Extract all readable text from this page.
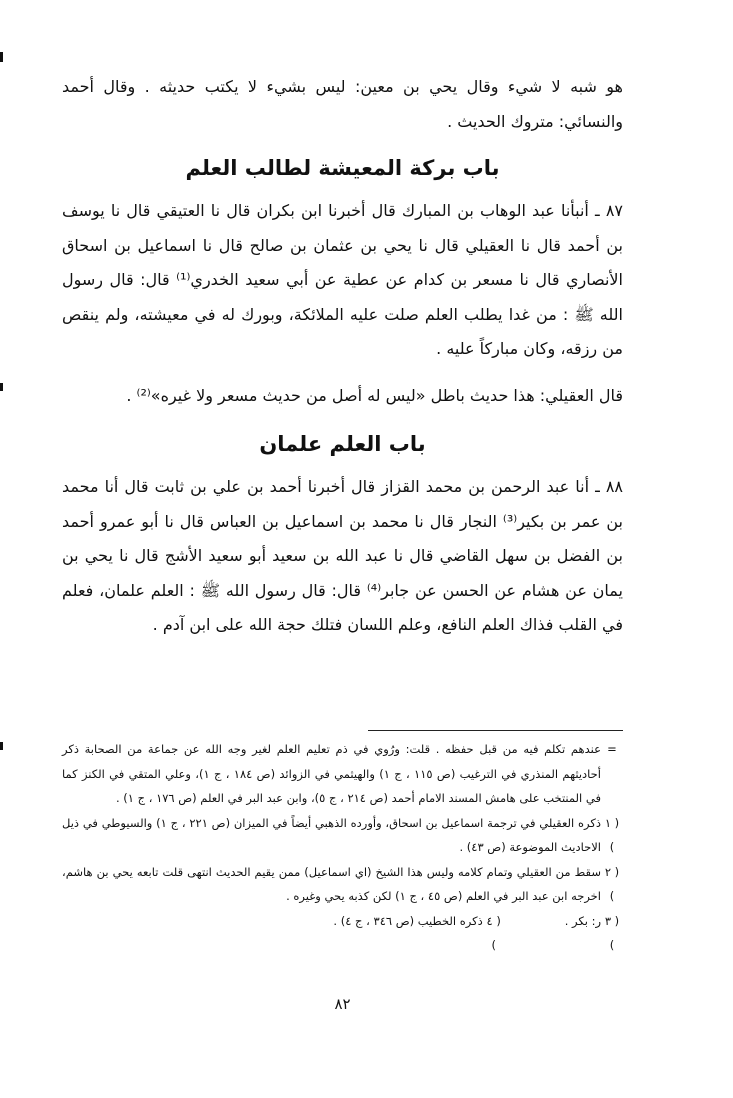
هو شبه لا شيء وقال يحي بن معين: ليس بشيء لا يكتب حديثه . وقال أحمد والنسائي: متروك الحديث .

باب بركة المعيشة لطالب العلم

٨٧ ـ أنبأنا عبد الوهاب بن المبارك قال أخبرنا ابن بكران قال نا العتيقي قال نا يوسف بن أحمد قال نا العقيلي قال نا يحي بن عثمان بن صالح قال نا اسماعيل بن اسحاق الأنصاري قال نا مسعر بن كدام عن عطية عن أبي سعيد الخدري⁽¹⁾ قال: قال رسول الله ﷺ : من غدا يطلب العلم صلت عليه الملائكة، وبورك له في معيشته، ولم ينقص من رزقه، وكان مباركاً عليه .

قال العقيلي: هذا حديث باطل «ليس له أصل من حديث مسعر ولا غيره»⁽²⁾ .

باب العلم علمان

٨٨ ـ أنا عبد الرحمن بن محمد القزاز قال أخبرنا أحمد بن علي بن ثابت قال أنا محمد بن عمر بن بكير⁽³⁾ النجار قال نا محمد بن اسماعيل بن العباس قال نا أبو عمرو أحمد بن الفضل بن سهل القاضي قال نا عبد الله بن سعيد أبو سعيد الأشج قال نا يحي بن يمان عن هشام عن الحسن عن جابر⁽⁴⁾ قال: قال رسول الله ﷺ : العلم علمان، فعلم في القلب فذاك العلم النافع، وعلم اللسان فتلك حجة الله على ابن آدم .

=
عندهم تكلم فيه من قبل حفظه . قلت: ورُوي في ذم تعليم العلم لغير وجه الله عن جماعة من الصحابة ذكر أحاديثهم المنذري في الترغيب (ص ١١٥ ، ج ١) والهيثمي في الزوائد (ص ١٨٤ ، ج ١)، وعلي المتقي في الكنز كما في المنتخب على هامش المسند الامام أحمد (ص ٢١٤ ، ج ٥)، وابن عبد البر في العلم (ص ١٧٦ ، ج ١) .
( ١ )
ذكره العقيلي في ترجمة اسماعيل بن اسحاق، وأورده الذهبي أيضاً في الميزان (ص ٢٢١ ، ج ١) والسيوطي في ذيل الاحاديث الموضوعة (ص ٤٣) .
( ٢ )
سقط من العقيلي وتمام كلامه وليس هذا الشيخ (اي اسماعيل) ممن يقيم الحديث انتهى قلت تابعه يحي بن هاشم، اخرجه ابن عبد البر في العلم (ص ٤٥ ، ج ١) لكن كذبه يحي وغيره .
( ٣ )
ر: بكر .
( ٤ )
ذكره الخطيب (ص ٣٤٦ ، ج ٤) .
٨٢
